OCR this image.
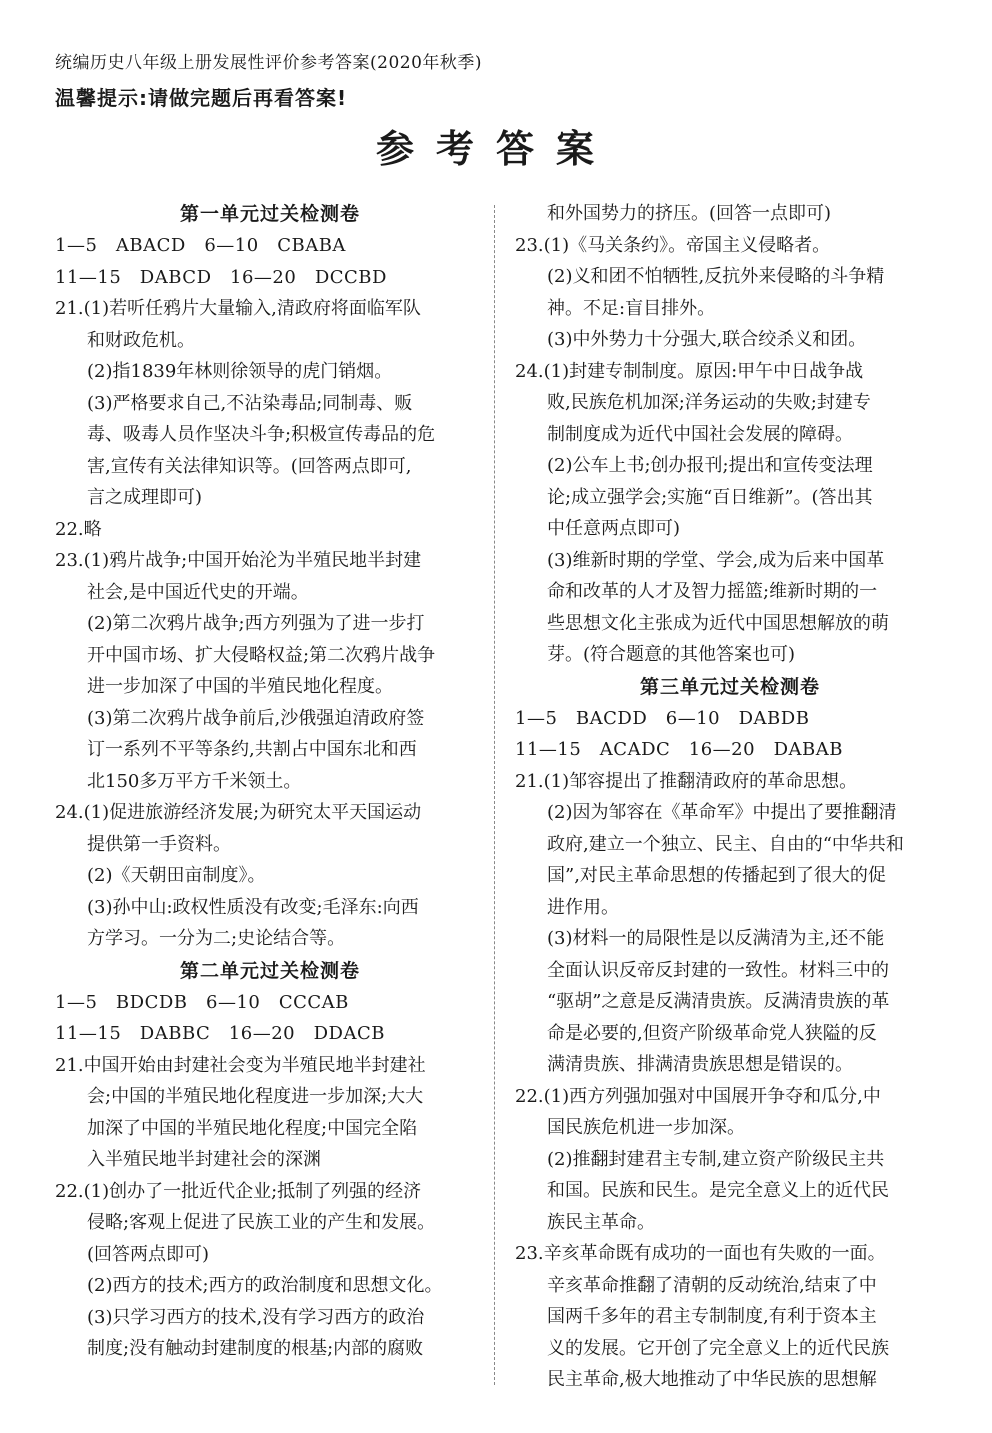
统编历史八年级上册发展性评价参考答案(2020年秋季)
温馨提示:请做完题后再看答案!
参考答案
第一单元过关检测卷
1—5　ABACD　6—10　CBABA
11—15　DABCD　16—20　DCCBD
21.(1)若听任鸦片大量输入,清政府将面临军队
和财政危机。
(2)指1839年林则徐领导的虎门销烟。
(3)严格要求自己,不沾染毒品;同制毒、贩
毒、吸毒人员作坚决斗争;积极宣传毒品的危
害,宣传有关法律知识等。(回答两点即可,
言之成理即可)
22.略
23.(1)鸦片战争;中国开始沦为半殖民地半封建
社会,是中国近代史的开端。
(2)第二次鸦片战争;西方列强为了进一步打
开中国市场、扩大侵略权益;第二次鸦片战争
进一步加深了中国的半殖民地化程度。
(3)第二次鸦片战争前后,沙俄强迫清政府签
订一系列不平等条约,共割占中国东北和西
北150多万平方千米领土。
24.(1)促进旅游经济发展;为研究太平天国运动
提供第一手资料。
(2)《天朝田亩制度》。
(3)孙中山:政权性质没有改变;毛泽东:向西
方学习。一分为二;史论结合等。
第二单元过关检测卷
1—5　BDCDB　6—10　CCCAB
11—15　DABBC　16—20　DDACB
21.中国开始由封建社会变为半殖民地半封建社
会;中国的半殖民地化程度进一步加深;大大
加深了中国的半殖民地化程度;中国完全陷
入半殖民地半封建社会的深渊
22.(1)创办了一批近代企业;抵制了列强的经济
侵略;客观上促进了民族工业的产生和发展。
(回答两点即可)
(2)西方的技术;西方的政治制度和思想文化。
(3)只学习西方的技术,没有学习西方的政治
制度;没有触动封建制度的根基;内部的腐败
和外国势力的挤压。(回答一点即可)
23.(1)《马关条约》。帝国主义侵略者。
(2)义和团不怕牺牲,反抗外来侵略的斗争精
神。不足:盲目排外。
(3)中外势力十分强大,联合绞杀义和团。
24.(1)封建专制制度。原因:甲午中日战争战
败,民族危机加深;洋务运动的失败;封建专
制制度成为近代中国社会发展的障碍。
(2)公车上书;创办报刊;提出和宣传变法理
论;成立强学会;实施“百日维新”。(答出其
中任意两点即可)
(3)维新时期的学堂、学会,成为后来中国革
命和改革的人才及智力摇篮;维新时期的一
些思想文化主张成为近代中国思想解放的萌
芽。(符合题意的其他答案也可)
第三单元过关检测卷
1—5　BACDD　6—10　DABDB
11—15　ACADC　16—20　DABAB
21.(1)邹容提出了推翻清政府的革命思想。
(2)因为邹容在《革命军》中提出了要推翻清
政府,建立一个独立、民主、自由的“中华共和
国”,对民主革命思想的传播起到了很大的促
进作用。
(3)材料一的局限性是以反满清为主,还不能
全面认识反帝反封建的一致性。材料三中的
“驱胡”之意是反满清贵族。反满清贵族的革
命是必要的,但资产阶级革命党人狭隘的反
满清贵族、排满清贵族思想是错误的。
22.(1)西方列强加强对中国展开争夺和瓜分,中
国民族危机进一步加深。
(2)推翻封建君主专制,建立资产阶级民主共
和国。民族和民生。是完全意义上的近代民
族民主革命。
23.辛亥革命既有成功的一面也有失败的一面。
辛亥革命推翻了清朝的反动统治,结束了中
国两千多年的君主专制制度,有利于资本主
义的发展。它开创了完全意义上的近代民族
民主革命,极大地推动了中华民族的思想解
